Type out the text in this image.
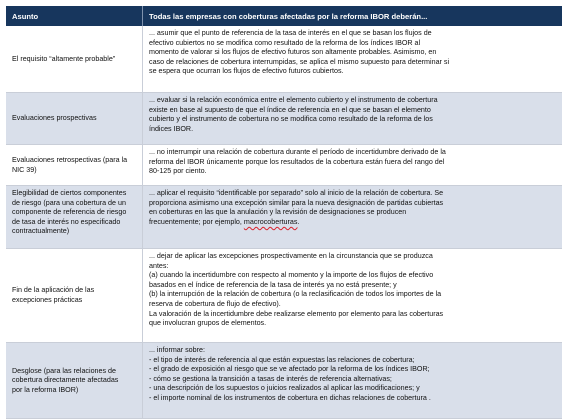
Asunto	Todas las empresas con coberturas afectadas por la reforma IBOR deberán...
El requisito “altamente probable”
... asumir que el punto de referencia de la tasa de interés en el que se basan los flujos de
efectivo cubiertos no se modifica como resultado de la reforma de los índices IBOR al
momento de valorar si los flujos de efectivo futuros son altamente probables. Asimismo, en
caso de relaciones de cobertura interrumpidas, se aplica el mismo supuesto para determinar si
se espera que ocurran los flujos de efectivo futuros cubiertos.
Evaluaciones prospectivas
... evaluar si la relación económica entre el elemento cubierto y el instrumento de cobertura
existe en base al supuesto de que el índice de referencia en el que se basan el elemento
cubierto y el instrumento de cobertura no se modifica como resultado de la reforma de los
índices IBOR.
Evaluaciones retrospectivas (para la
NIC 39)
... no interrumpir una relación de cobertura durante el período de incertidumbre derivado de la
reforma del IBOR únicamente porque los resultados de la cobertura están fuera del rango del
80-125 por ciento.
Elegibilidad de ciertos componentes
de riesgo (para una cobertura de un
componente de referencia de riesgo
de tasa de interés no especificado
contractualmente)
... aplicar el requisito “identificable por separado” solo al inicio de la relación de cobertura. Se
proporciona asimismo una excepción similar para la nueva designación de partidas cubiertas
en coberturas en las que la anulación y la revisión de designaciones se producen
frecuentemente; por ejemplo, macrocoberturas.
Fin de la aplicación de las
excepciones prácticas
... dejar de aplicar las excepciones prospectivamente en la circunstancia que se produzca
antes:
(a) cuando la incertidumbre con respecto al momento y la importe de los flujos de efectivo
basados en el índice de referencia de la tasa de interés ya no está presente; y
(b) la interrupción de la relación de cobertura (o la reclasificación de todos los importes de la
reserva de cobertura de flujo de efectivo).
La valoración de la incertidumbre debe realizarse elemento por elemento para las coberturas
que involucran grupos de elementos.
Desglose (para las relaciones de
cobertura directamente afectadas
por la reforma IBOR)
... informar sobre:
- el tipo de interés de referencia al que están expuestas las relaciones de cobertura;
- el grado de exposición al riesgo que se ve afectado por la reforma de los índices IBOR;
- cómo se gestiona la transición a tasas de interés de referencia alternativas;
- una descripción de los supuestos o juicios realizados al aplicar las modificaciones; y
- el importe nominal de los instrumentos de cobertura en dichas relaciones de cobertura .
